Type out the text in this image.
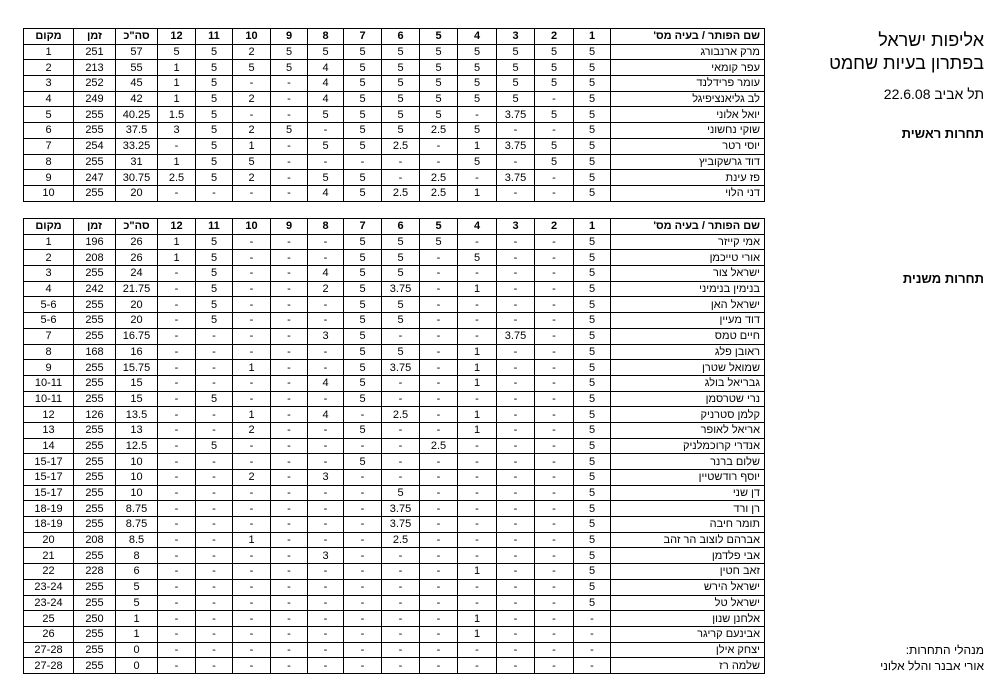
אליפות ישראל
בפתרון בעיות שחמט
תל אביב 22.6.08
תחרות ראשית
תחרות משנית
מנהלי התחרות:
אורי אבנר והלל אלוני
שם הפותר / בעיה מס'	1	2	3	4	5	6	7	8	9	10	11	12	סה"כ	זמן	מקום
מרק ארנבורג	5	5	5	5	5	5	5	5	5	2	5	5	57	251	1
עפר קומאי	5	5	5	5	5	5	5	4	5	5	5	1	55	213	2
עומר פרידלנד	5	5	5	5	5	5	5	4	-	-	5	1	45	252	3
לב גליאנציפיגל	5	-	5	5	5	5	5	4	-	2	5	1	42	249	4
יואל אלוני	5	5	3.75	-	5	5	5	5	-	-	5	1.5	40.25	255	5
שוקי נחשוני	5	-	-	5	2.5	5	5	-	5	2	5	3	37.5	255	6
יוסי רטר	5	5	3.75	1	-	2.5	5	5	-	1	5	-	33.25	254	7
דוד גרשקוביץ	5	5	-	5	-	-	-	-	-	5	5	1	31	255	8
פז עינת	5	-	3.75	-	2.5	-	5	5	-	2	5	2.5	30.75	247	9
דני הלוי	5	-	-	1	2.5	2.5	5	4	-	-	-	-	20	255	10
שם הפותר / בעיה מס'	1	2	3	4	5	6	7	8	9	10	11	12	סה"כ	זמן	מקום
אמי קייזר	5	-	-	-	5	5	5	-	-	-	5	1	26	196	1
אורי טייכמן	5	-	-	5	-	5	5	-	-	-	5	1	26	208	2
ישראל צור	5	-	-	-	-	5	5	4	-	-	5	-	24	255	3
בנימין בנימיני	5	-	-	1	-	3.75	5	2	-	-	5	-	21.75	242	4
ישראל האן	5	-	-	-	-	5	5	-	-	-	5	-	20	255	5-6
דוד מעיין	5	-	-	-	-	5	5	-	-	-	5	-	20	255	5-6
חיים טמס	5	-	3.75	-	-	-	5	3	-	-	-	-	16.75	255	7
ראובן פלג	5	-	-	1	-	5	5	-	-	-	-	-	16	168	8
שמואל שטרן	5	-	-	1	-	3.75	5	-	-	1	-	-	15.75	255	9
גבריאל בולג	5	-	-	1	-	-	5	4	-	-	-	-	15	255	10-11
נרי שטרסמן	5	-	-	-	-	-	5	-	-	-	5	-	15	255	10-11
קלמן סטרניק	5	-	-	1	-	2.5	-	4	-	1	-	-	13.5	126	12
אריאל לאופר	5	-	-	1	-	-	5	-	-	2	-	-	13	255	13
אנדרי קרוכמלניק	5	-	-	-	2.5	-	-	-	-	-	5	-	12.5	255	14
שלום ברנר	5	-	-	-	-	-	5	-	-	-	-	-	10	255	15-17
יוסף רודשטיין	5	-	-	-	-	-	-	3	-	2	-	-	10	255	15-17
דן שני	5	-	-	-	-	5	-	-	-	-	-	-	10	255	15-17
רן ורד	5	-	-	-	-	3.75	-	-	-	-	-	-	8.75	255	18-19
תומר חיבה	5	-	-	-	-	3.75	-	-	-	-	-	-	8.75	255	18-19
אברהם לוצוב הר זהב	5	-	-	-	-	2.5	-	-	-	1	-	-	8.5	208	20
אבי פלדמן	5	-	-	-	-	-	-	3	-	-	-	-	8	255	21
זאב חטין	5	-	-	1	-	-	-	-	-	-	-	-	6	228	22
ישראל הירש	5	-	-	-	-	-	-	-	-	-	-	-	5	255	23-24
ישראל טל	5	-	-	-	-	-	-	-	-	-	-	-	5	255	23-24
אלחנן שנון	-	-	-	1	-	-	-	-	-	-	-	-	1	250	25
אבינעם קריגר	-	-	-	1	-	-	-	-	-	-	-	-	1	255	26
יצחק אילן	-	-	-	-	-	-	-	-	-	-	-	-	0	255	27-28
שלמה רז	-	-	-	-	-	-	-	-	-	-	-	-	0	255	27-28
